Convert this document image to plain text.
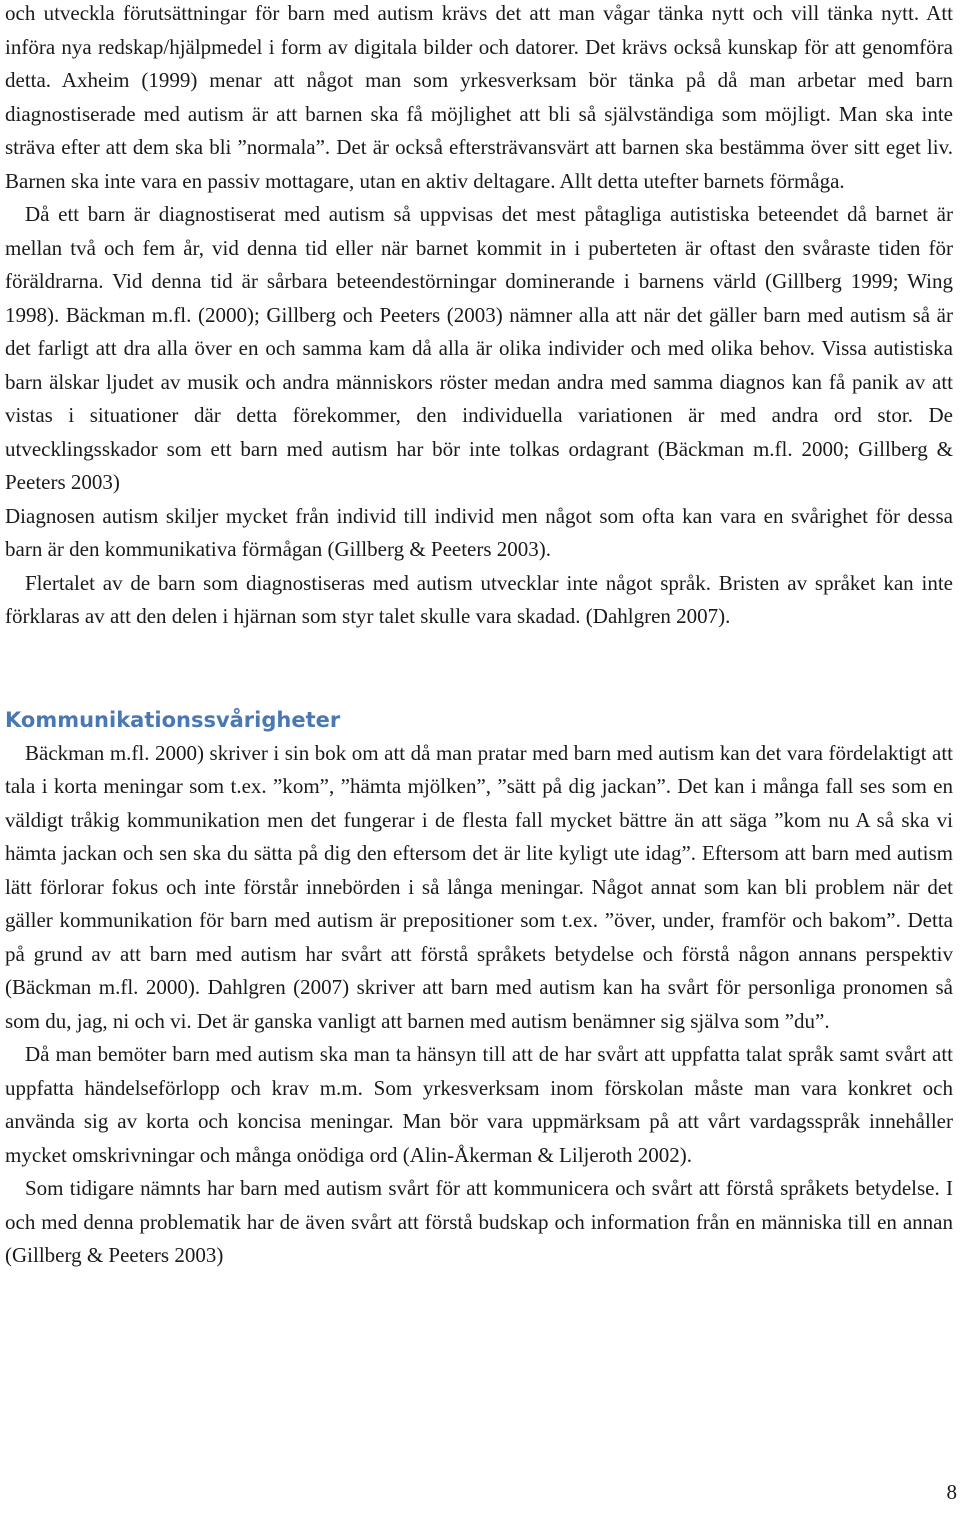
och utveckla förutsättningar för barn med autism krävs det att man vågar tänka nytt och vill tänka nytt. Att införa nya redskap/hjälpmedel i form av digitala bilder och datorer. Det krävs också kunskap för att genomföra detta. Axheim (1999) menar att något man som yrkesverksam bör tänka på då man arbetar med barn diagnostiserade med autism är att barnen ska få möjlighet att bli så självständiga som möjligt. Man ska inte sträva efter att dem ska bli ”normala”. Det är också eftersträvansvärt att barnen ska bestämma över sitt eget liv. Barnen ska inte vara en passiv mottagare, utan en aktiv deltagare. Allt detta utefter barnets förmåga.

Då ett barn är diagnostiserat med autism så uppvisas det mest påtagliga autistiska beteendet då barnet är mellan två och fem år, vid denna tid eller när barnet kommit in i puberteten är oftast den svåraste tiden för föräldrarna. Vid denna tid är sårbara beteendestörningar dominerande i barnens värld (Gillberg 1999; Wing 1998). Bäckman m.fl. (2000); Gillberg och Peeters (2003) nämner alla att när det gäller barn med autism så är det farligt att dra alla över en och samma kam då alla är olika individer och med olika behov. Vissa autistiska barn älskar ljudet av musik och andra människors röster medan andra med samma diagnos kan få panik av att vistas i situationer där detta förekommer, den individuella variationen är med andra ord stor. De utvecklingsskador som ett barn med autism har bör inte tolkas ordagrant (Bäckman m.fl. 2000; Gillberg & Peeters 2003)

Diagnosen autism skiljer mycket från individ till individ men något som ofta kan vara en svårighet för dessa barn är den kommunikativa förmågan (Gillberg & Peeters 2003).

Flertalet av de barn som diagnostiseras med autism utvecklar inte något språk. Bristen av språket kan inte förklaras av att den delen i hjärnan som styr talet skulle vara skadad. (Dahlgren 2007).

Kommunikationssvårigheter

Bäckman m.fl. 2000) skriver i sin bok om att då man pratar med barn med autism kan det vara fördelaktigt att tala i korta meningar som t.ex. ”kom”, ”hämta mjölken”, ”sätt på dig jackan”. Det kan i många fall ses som en väldigt tråkig kommunikation men det fungerar i de flesta fall mycket bättre än att säga ”kom nu A så ska vi hämta jackan och sen ska du sätta på dig den eftersom det är lite kyligt ute idag”. Eftersom att barn med autism lätt förlorar fokus och inte förstår innebörden i så långa meningar. Något annat som kan bli problem när det gäller kommunikation för barn med autism är prepositioner som t.ex. ”över, under, framför och bakom”. Detta på grund av att barn med autism har svårt att förstå språkets betydelse och förstå någon annans perspektiv (Bäckman m.fl. 2000). Dahlgren (2007) skriver att barn med autism kan ha svårt för personliga pronomen så som du, jag, ni och vi. Det är ganska vanligt att barnen med autism benämner sig själva som ”du”.

Då man bemöter barn med autism ska man ta hänsyn till att de har svårt att uppfatta talat språk samt svårt att uppfatta händelseförlopp och krav m.m. Som yrkesverksam inom förskolan måste man vara konkret och använda sig av korta och koncisa meningar. Man bör vara uppmärksam på att vårt vardagsspråk innehåller mycket omskrivningar och många onödiga ord (Alin-Åkerman & Liljeroth 2002).

Som tidigare nämnts har barn med autism svårt för att kommunicera och svårt att förstå språkets betydelse. I och med denna problematik har de även svårt att förstå budskap och information från en människa till en annan (Gillberg & Peeters 2003)

8
